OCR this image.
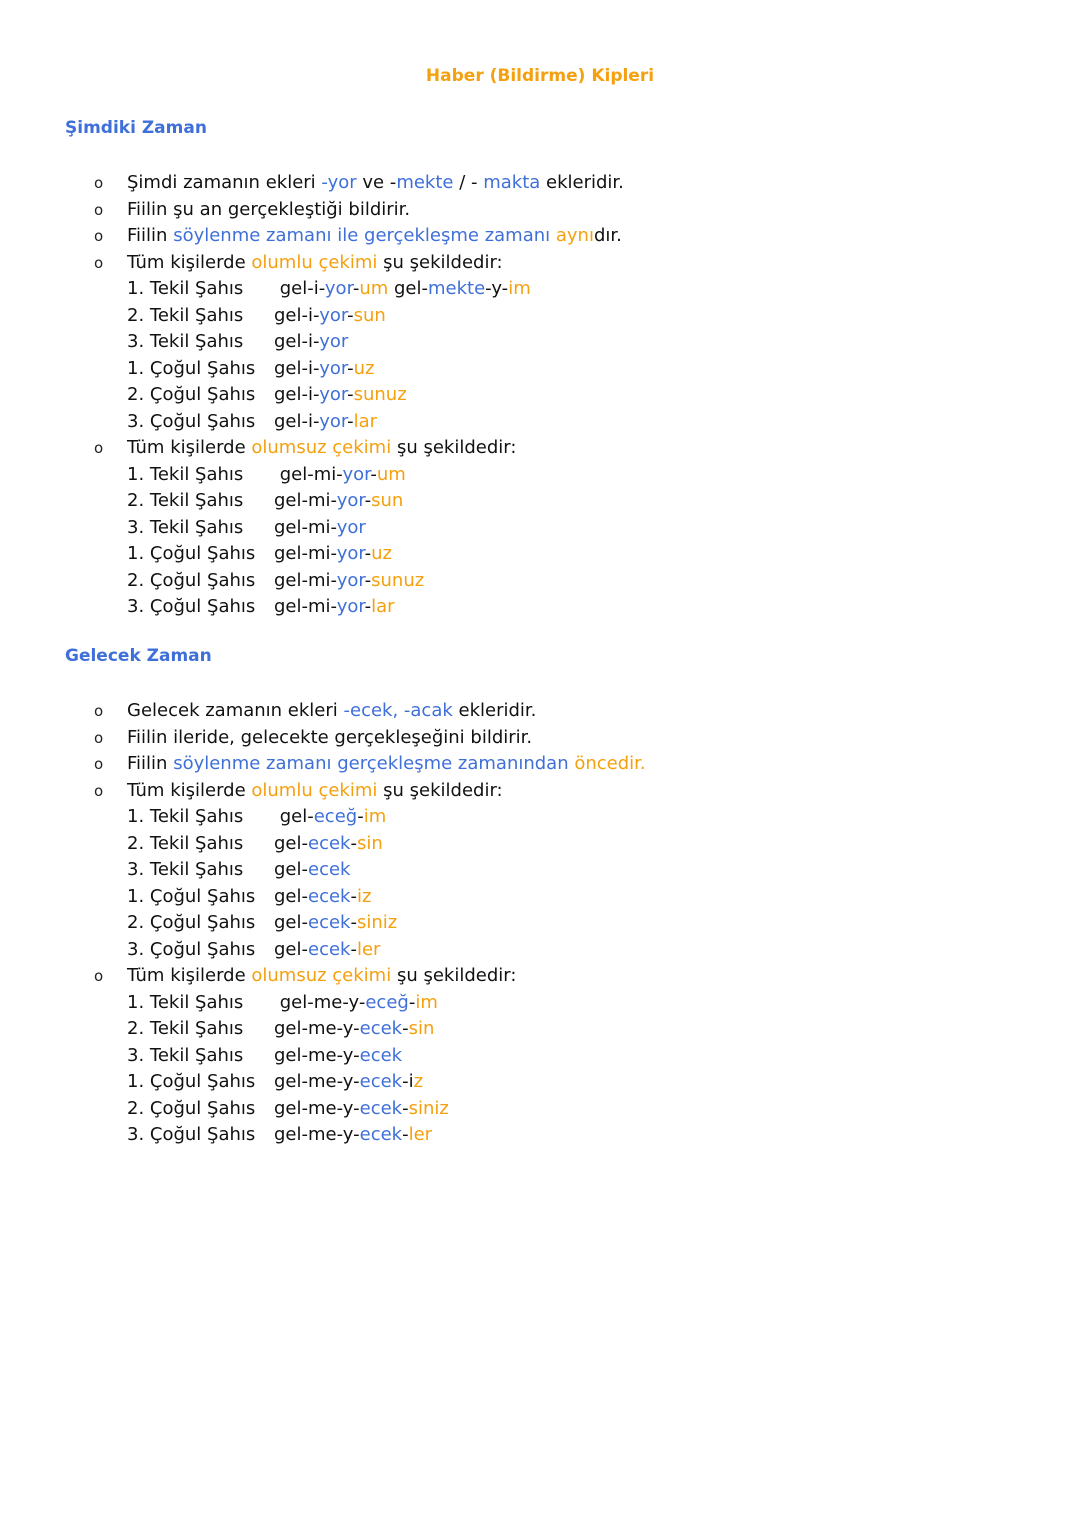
Haber (Bildirme) Kipleri
Şimdiki Zaman
o Şimdi zamanın ekleri -yor ve -mekte / - makta ekleridir.
o Fiilin şu an gerçekleştiği bildirir.
o Fiilin söylenme zamanı ile gerçekleşme zamanı aynıdır.
o Tüm kişilerde olumlu çekimi şu şekildedir:
1. Tekil Şahıs gel-i-yor-um gel-mekte-y-im
2. Tekil Şahıs gel-i-yor-sun
3. Tekil Şahıs gel-i-yor
1. Çoğul Şahıs gel-i-yor-uz
2. Çoğul Şahıs gel-i-yor-sunuz
3. Çoğul Şahıs gel-i-yor-lar
o Tüm kişilerde olumsuz çekimi şu şekildedir:
1. Tekil Şahıs gel-mi-yor-um
2. Tekil Şahıs gel-mi-yor-sun
3. Tekil Şahıs gel-mi-yor
1. Çoğul Şahıs gel-mi-yor-uz
2. Çoğul Şahıs gel-mi-yor-sunuz
3. Çoğul Şahıs gel-mi-yor-lar
Gelecek Zaman
o Gelecek zamanın ekleri -ecek, -acak ekleridir.
o Fiilin ileride, gelecekte gerçekleşeğini bildirir.
o Fiilin söylenme zamanı gerçekleşme zamanından öncedir.
o Tüm kişilerde olumlu çekimi şu şekildedir:
1. Tekil Şahıs gel-eceğ-im
2. Tekil Şahıs gel-ecek-sin
3. Tekil Şahıs gel-ecek
1. Çoğul Şahıs gel-ecek-iz
2. Çoğul Şahıs gel-ecek-siniz
3. Çoğul Şahıs gel-ecek-ler
o Tüm kişilerde olumsuz çekimi şu şekildedir:
1. Tekil Şahıs gel-me-y-eceğ-im
2. Tekil Şahıs gel-me-y-ecek-sin
3. Tekil Şahıs gel-me-y-ecek
1. Çoğul Şahıs gel-me-y-ecek-iz
2. Çoğul Şahıs gel-me-y-ecek-siniz
3. Çoğul Şahıs gel-me-y-ecek-ler
